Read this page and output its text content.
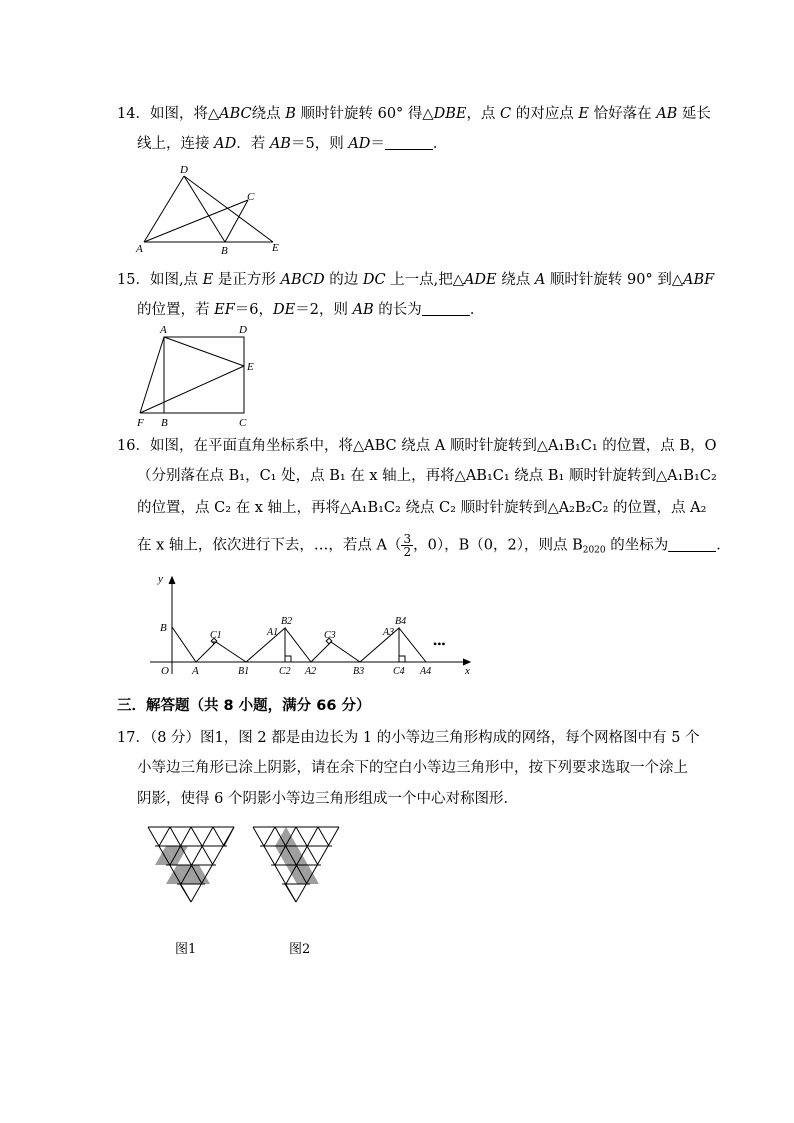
14．如图，将△ABC绕点 B 顺时针旋转 60° 得△DBE，点 C 的对应点 E 恰好落在 AB 延长
线上，连接 AD．若 AB＝5，则 AD＝	．
D
C
A	B	E
15．如图,点 E 是正方形 ABCD 的边 DC 上一点,把△ADE 绕点 A 顺时针旋转 90° 到△ABF
的位置，若 EF＝6，DE＝2，则 AB 的长为	．
A	D
E
F B	C
16．如图，在平面直角坐标系中，将△ABC 绕点 A 顺时针旋转到△A₁B₁C₁ 的位置，点 B，O
（分别落在点 B₁，C₁ 处，点 B₁ 在 x 轴上，再将△AB₁C₁ 绕点 B₁ 顺时针旋转到△A₁B₁C₂
的位置，点 C₂ 在 x 轴上，再将△A₁B₁C₂ 绕点 C₂ 顺时针旋转到△A₂B₂C₂ 的位置，点 A₂
在 x 轴上，依次进行下去，…，若点 $A( \frac{3}{2}$ ，0），B（0，2），则点 $B_{2020}$ 的坐标为	．
y
x
O
B
A
C1
B1
A1
B2
C2 A2
C3
B3
A3
B4
C4 A4
•••
三．解答题（共 8 小题，满分 66 分）
17．（8 分）图1，图 2 都是由边长为 1 的小等边三角形构成的网络，每个网格图中有 5 个
小等边三角形已涂上阴影，请在余下的空白小等边三角形中，按下列要求选取一个涂上
阴影，使得 6 个阴影小等边三角形组成一个中心对称图形．
图1	图2
